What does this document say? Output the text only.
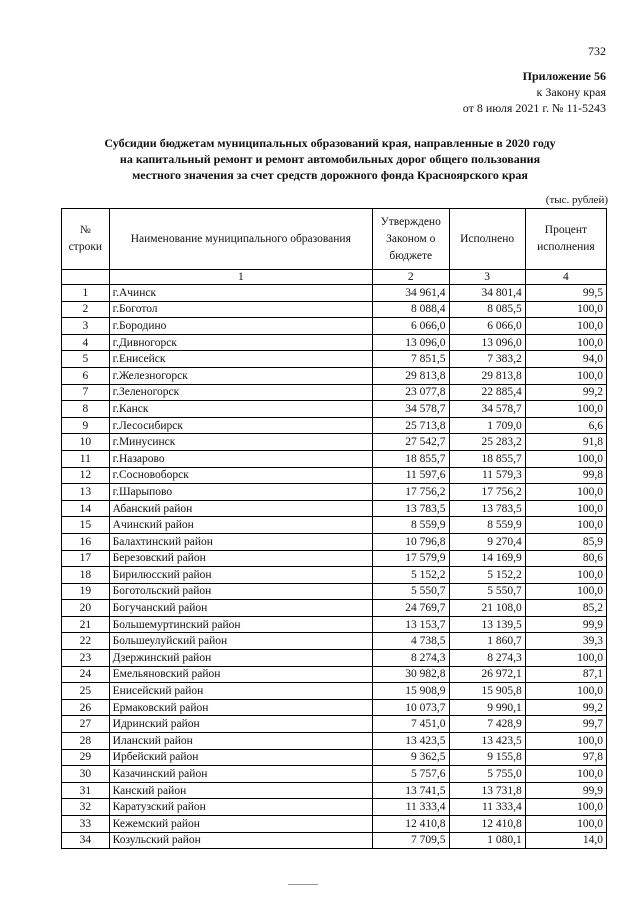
732
Приложение 56
к Закону края
от 8 июля 2021 г. № 11-5243
Субсидии бюджетам муниципальных образований края, направленные в 2020 году
на капитальный ремонт и ремонт автомобильных дорог общего пользования
местного значения за счет средств дорожного фонда Красноярского края
(тыс. рублей)
№ строки	Наименование муниципального образования	Утверждено Законом о бюджете	Исполнено	Процент исполнения
	1	2	3	4
1	г.Ачинск	34 961,4	34 801,4	99,5
2	г.Боготол	8 088,4	8 085,5	100,0
3	г.Бородино	6 066,0	6 066,0	100,0
4	г.Дивногорск	13 096,0	13 096,0	100,0
5	г.Енисейск	7 851,5	7 383,2	94,0
6	г.Железногорск	29 813,8	29 813,8	100,0
7	г.Зеленогорск	23 077,8	22 885,4	99,2
8	г.Канск	34 578,7	34 578,7	100,0
9	г.Лесосибирск	25 713,8	1 709,0	6,6
10	г.Минусинск	27 542,7	25 283,2	91,8
11	г.Назарово	18 855,7	18 855,7	100,0
12	г.Сосновоборск	11 597,6	11 579,3	99,8
13	г.Шарыпово	17 756,2	17 756,2	100,0
14	Абанский район	13 783,5	13 783,5	100,0
15	Ачинский район	8 559,9	8 559,9	100,0
16	Балахтинский район	10 796,8	9 270,4	85,9
17	Березовский район	17 579,9	14 169,9	80,6
18	Бирилюсский район	5 152,2	5 152,2	100,0
19	Боготольский район	5 550,7	5 550,7	100,0
20	Богучанский район	24 769,7	21 108,0	85,2
21	Большемуртинский район	13 153,7	13 139,5	99,9
22	Большеулуйский район	4 738,5	1 860,7	39,3
23	Дзержинский район	8 274,3	8 274,3	100,0
24	Емельяновский район	30 982,8	26 972,1	87,1
25	Енисейский район	15 908,9	15 905,8	100,0
26	Ермаковский район	10 073,7	9 990,1	99,2
27	Идринский район	7 451,0	7 428,9	99,7
28	Иланский район	13 423,5	13 423,5	100,0
29	Ирбейский район	9 362,5	9 155,8	97,8
30	Казачинский район	5 757,6	5 755,0	100,0
31	Канский район	13 741,5	13 731,8	99,9
32	Каратузский район	11 333,4	11 333,4	100,0
33	Кежемский район	12 410,8	12 410,8	100,0
34	Козульский район	7 709,5	1 080,1	14,0
